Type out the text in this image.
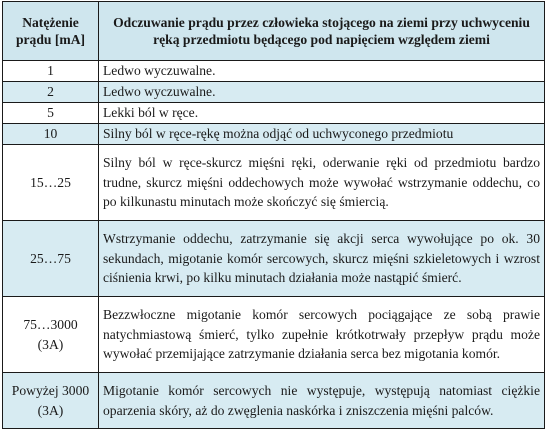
Natężenie prądu [mA]	Odczuwanie prądu przez człowieka stojącego na ziemi przy uchwyceniu ręką przedmiotu będącego pod napięciem względem ziemi
1	Ledwo wyczuwalne.
2	Ledwo wyczuwalne.
5	Lekki ból w ręce.
10	Silny ból w ręce-rękę można odjąć od uchwyconego przedmiotu
15…25	Silny ból w ręce-skurcz mięśni ręki, oderwanie ręki od przedmiotu bardzo trudne, skurcz mięśni oddechowych może wywołać wstrzymanie oddechu, co po kilkunastu minutach może skończyć się śmiercią.
25…75	Wstrzymanie oddechu, zatrzymanie się akcji serca wywołujące po ok. 30 sekundach, migotanie komór sercowych, skurcz mięśni szkieletowych i wzrost ciśnienia krwi, po kilku minutach działania może nastąpić śmierć.
75…3000
(3A)	Bezzwłoczne migotanie komór sercowych pociągające ze sobą prawie natychmiastową śmierć, tylko zupełnie krótkotrwały przepływ prądu może wywołać przemijające zatrzymanie działania serca bez migotania komór.
Powyżej 3000
(3A)	Migotanie komór sercowych nie występuje, występują natomiast ciężkie oparzenia skóry, aż do zwęglenia naskórka i zniszczenia mięśni palców.
